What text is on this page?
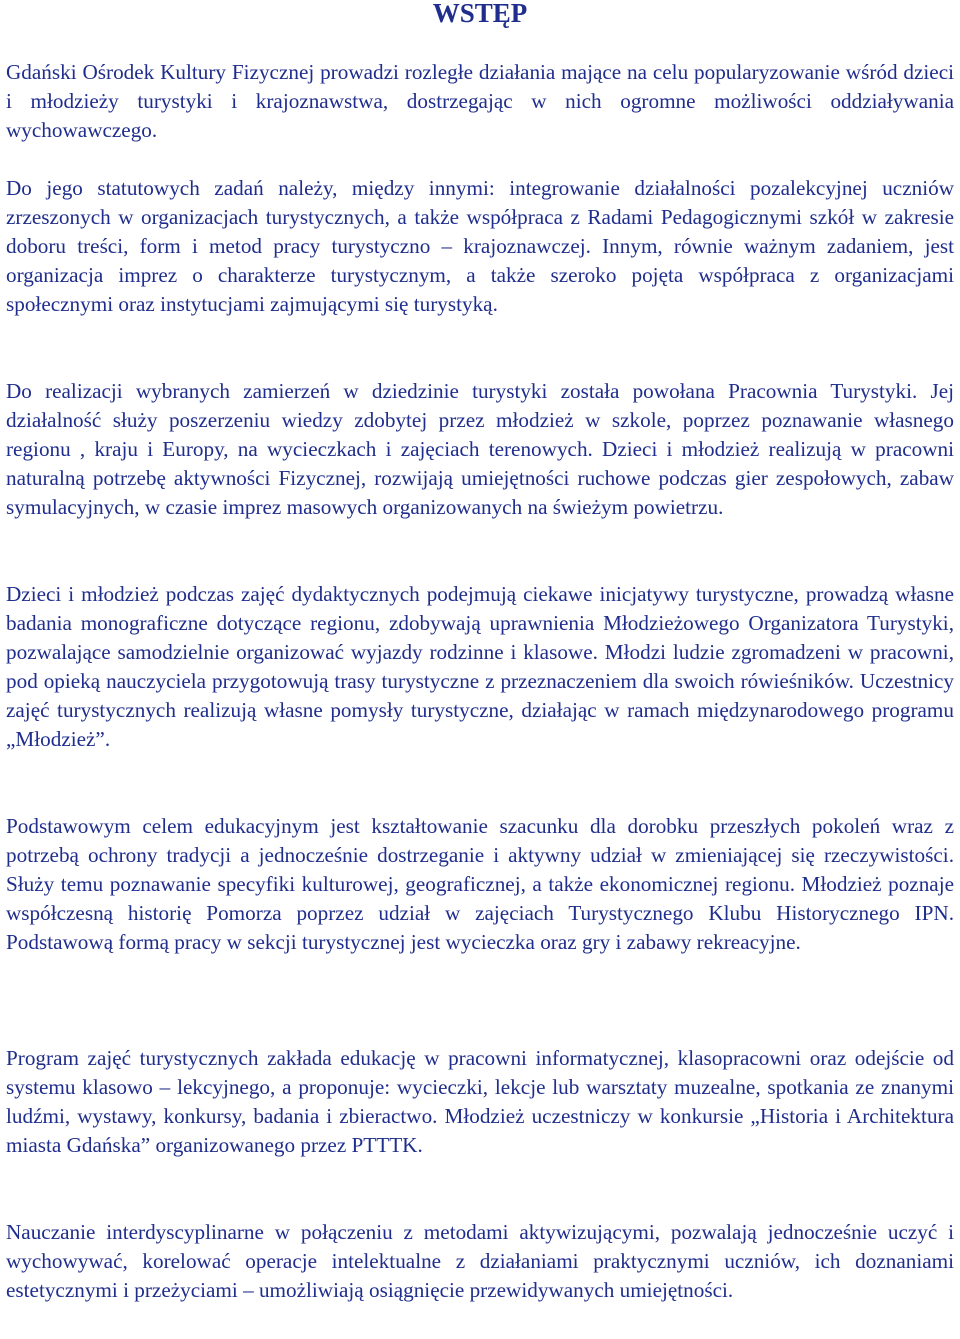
WSTĘP

Gdański Ośrodek Kultury Fizycznej prowadzi rozległe działania mające na celu popularyzowanie wśród dzieci i młodzieży turystyki i krajoznawstwa, dostrzegając w nich ogromne możliwości oddziaływania wychowawczego.

Do jego statutowych zadań należy, między innymi: integrowanie działalności pozalekcyjnej uczniów zrzeszonych w organizacjach turystycznych, a także współpraca z Radami Pedagogicznymi szkół w zakresie doboru treści, form i metod pracy turystyczno – krajoznawczej. Innym, równie ważnym zadaniem, jest organizacja imprez o charakterze turystycznym, a także szeroko pojęta współpraca z organizacjami społecznymi oraz instytucjami zajmującymi się turystyką.

Do realizacji wybranych zamierzeń w dziedzinie turystyki została powołana Pracownia Turystyki. Jej działalność służy poszerzeniu wiedzy zdobytej przez młodzież w szkole, poprzez poznawanie własnego regionu , kraju i Europy, na wycieczkach i zajęciach terenowych. Dzieci i młodzież realizują w pracowni naturalną potrzebę aktywności Fizycznej, rozwijają umiejętności ruchowe podczas gier zespołowych, zabaw symulacyjnych, w czasie imprez masowych organizowanych na świeżym powietrzu.

Dzieci i młodzież podczas zajęć dydaktycznych podejmują ciekawe inicjatywy turystyczne, prowadzą własne badania monograficzne dotyczące regionu, zdobywają uprawnienia Młodzieżowego Organizatora Turystyki, pozwalające samodzielnie organizować wyjazdy rodzinne i klasowe. Młodzi ludzie zgromadzeni w pracowni, pod opieką nauczyciela przygotowują trasy turystyczne z przeznaczeniem dla swoich rówieśników. Uczestnicy zajęć turystycznych realizują własne pomysły turystyczne, działając w ramach międzynarodowego programu „Młodzież”.

Podstawowym celem edukacyjnym jest kształtowanie szacunku dla dorobku przeszłych pokoleń wraz z potrzebą ochrony tradycji a jednocześnie dostrzeganie i aktywny udział w zmieniającej się rzeczywistości. Służy temu poznawanie specyfiki kulturowej, geograficznej, a także ekonomicznej regionu. Młodzież poznaje współczesną historię Pomorza poprzez udział w zajęciach Turystycznego Klubu Historycznego IPN. Podstawową formą pracy w sekcji turystycznej jest wycieczka oraz gry i zabawy rekreacyjne.

Program zajęć turystycznych zakłada edukację w pracowni informatycznej, klasopracowni oraz odejście od systemu klasowo – lekcyjnego, a proponuje: wycieczki, lekcje lub warsztaty muzealne, spotkania ze znanymi ludźmi, wystawy, konkursy, badania i zbieractwo. Młodzież uczestniczy w konkursie „Historia i Architektura miasta Gdańska” organizowanego przez PTTTK.

Nauczanie interdyscyplinarne w połączeniu z metodami aktywizującymi, pozwalają jednocześnie uczyć i wychowywać, korelować operacje intelektualne z działaniami praktycznymi uczniów, ich doznaniami estetycznymi i przeżyciami – umożliwiają osiągnięcie przewidywanych umiejętności.
